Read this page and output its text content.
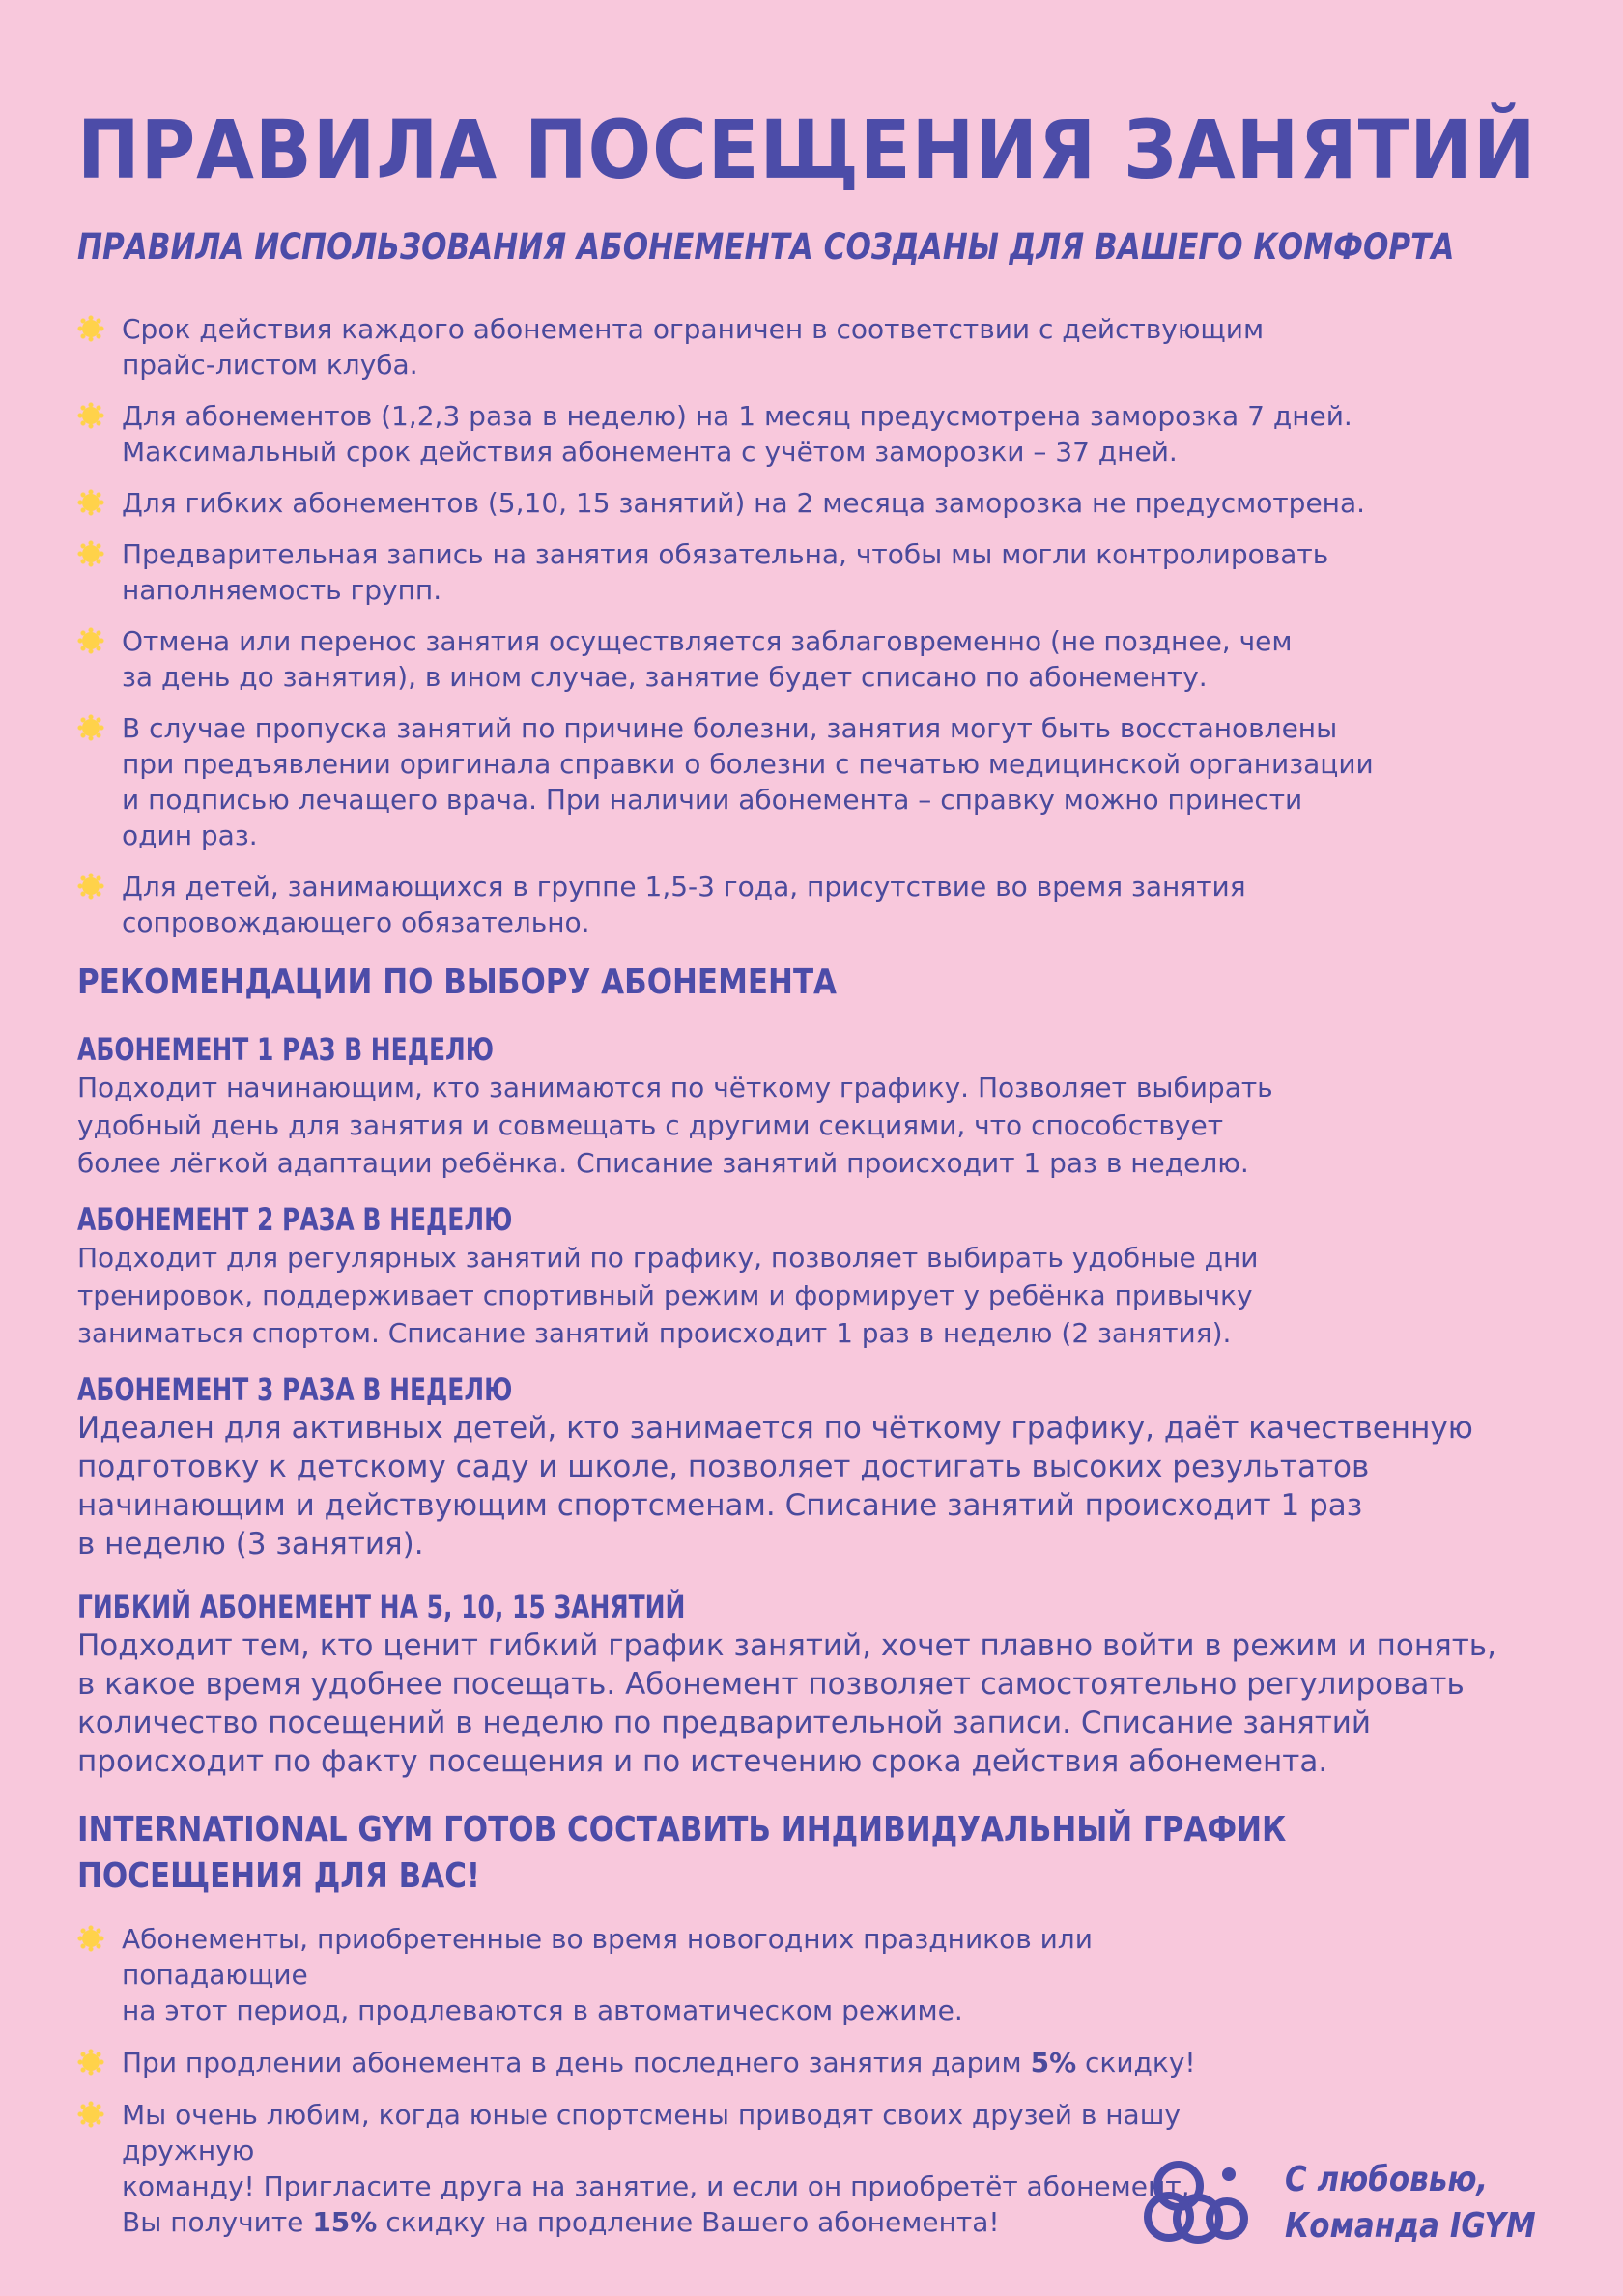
ПРАВИЛА ПОСЕЩЕНИЯ ЗАНЯТИЙ
ПРАВИЛА ИСПОЛЬЗОВАНИЯ АБОНЕМЕНТА СОЗДАНЫ ДЛЯ ВАШЕГО КОМФОРТА
Срок действия каждого абонемента ограничен в соответствии с действующим
прайс-листом клуба.
Для абонементов (1,2,3 раза в неделю) на 1 месяц предусмотрена заморозка 7 дней.
Максимальный срок действия абонемента с учётом заморозки – 37 дней.
Для гибких абонементов (5,10, 15 занятий) на 2 месяца заморозка не предусмотрена.
Предварительная запись на занятия обязательна, чтобы мы могли контролировать
наполняемость групп.
Отмена или перенос занятия осуществляется заблаговременно (не позднее, чем
за день до занятия), в ином случае, занятие будет списано по абонементу.
В случае пропуска занятий по причине болезни, занятия могут быть восстановлены
при предъявлении оригинала справки о болезни с печатью медицинской организации
и подписью лечащего врача. При наличии абонемента – справку можно принести
один раз.
Для детей, занимающихся в группе 1,5-3 года, присутствие во время занятия
сопровождающего обязательно.
РЕКОМЕНДАЦИИ ПО ВЫБОРУ АБОНЕМЕНТА
АБОНЕМЕНТ 1 РАЗ В НЕДЕЛЮ

Подходит начинающим, кто занимаются по чёткому графику. Позволяет выбирать

удобный день для занятия и совмещать с другими секциями, что способствует

более лёгкой адаптации ребёнка. Списание занятий происходит 1 раз в неделю.

АБОНЕМЕНТ 2 РАЗА В НЕДЕЛЮ

Подходит для регулярных занятий по графику, позволяет выбирать удобные дни

тренировок, поддерживает спортивный режим и формирует у ребёнка привычку

заниматься спортом. Списание занятий происходит 1 раз в неделю (2 занятия).

АБОНЕМЕНТ 3 РАЗА В НЕДЕЛЮ

Идеален для активных детей, кто занимается по чёткому графику, даёт качественную

подготовку к детскому саду и школе, позволяет достигать высоких результатов

начинающим и действующим спортсменам. Списание занятий происходит 1 раз

в неделю (3 занятия).

ГИБКИЙ АБОНЕМЕНТ НА 5, 10, 15 ЗАНЯТИЙ

Подходит тем, кто ценит гибкий график занятий, хочет плавно войти в режим и понять,

в какое время удобнее посещать. Абонемент позволяет самостоятельно регулировать

количество посещений в неделю по предварительной записи. Списание занятий

происходит по факту посещения и по истечению срока действия абонемента.

INTERNATIONAL GYM ГОТОВ СОСТАВИТЬ ИНДИВИДУАЛЬНЫЙ ГРАФИК
ПОСЕЩЕНИЯ ДЛЯ ВАС!
Абонементы, приобретенные во время новогодних праздников или попадающие
на этот период, продлеваются в автоматическом режиме.
При продлении абонемента в день последнего занятия дарим 5% скидку!
Мы очень любим, когда юные спортсмены приводят своих друзей в нашу дружную
команду! Пригласите друга на занятие, и если он приобретёт абонемент,
Вы получите 15% скидку на продление Вашего абонемента!
С любовью,
Команда IGYM
